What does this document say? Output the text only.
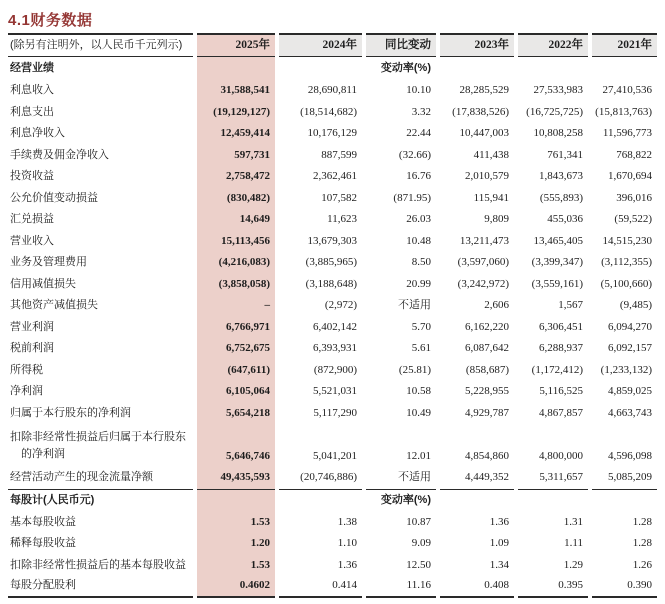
4.1财务数据
(除另有注明外，以人民币千元列示)	2025年	2024年	同比变动	2023年	2022年	2021年
经营业绩			变动率(%)			
利息收入	31,588,541	28,690,811	10.10	28,285,529	27,533,983	27,410,536
利息支出	(19,129,127)	(18,514,682)	3.32	(17,838,526)	(16,725,725)	(15,813,763)
利息净收入	12,459,414	10,176,129	22.44	10,447,003	10,808,258	11,596,773
手续费及佣金净收入	597,731	887,599	(32.66)	411,438	761,341	768,822
投资收益	2,758,472	2,362,461	16.76	2,010,579	1,843,673	1,670,694
公允价值变动损益	(830,482)	107,582	(871.95)	115,941	(555,893)	396,016
汇兑损益	14,649	11,623	26.03	9,809	455,036	(59,522)
营业收入	15,113,456	13,679,303	10.48	13,211,473	13,465,405	14,515,230
业务及管理费用	(4,216,083)	(3,885,965)	8.50	(3,597,060)	(3,399,347)	(3,112,355)
信用减值损失	(3,858,058)	(3,188,648)	20.99	(3,242,972)	(3,559,161)	(5,100,660)
其他资产减值损失	–	(2,972)	不适用	2,606	1,567	(9,485)
营业利润	6,766,971	6,402,142	5.70	6,162,220	6,306,451	6,094,270
税前利润	6,752,675	6,393,931	5.61	6,087,642	6,288,937	6,092,157
所得税	(647,611)	(872,900)	(25.81)	(858,687)	(1,172,412)	(1,233,132)
净利润	6,105,064	5,521,031	10.58	5,228,955	5,116,525	4,859,025
归属于本行股东的净利润	5,654,218	5,117,290	10.49	4,929,787	4,867,857	4,663,743
扣除非经常性损益后归属于本行股东
的净利润	5,646,746	5,041,201	12.01	4,854,860	4,800,000	4,596,098
经营活动产生的现金流量净额	49,435,593	(20,746,886)	不适用	4,449,352	5,311,657	5,085,209
每股计(人民币元)			变动率(%)			
基本每股收益	1.53	1.38	10.87	1.36	1.31	1.28
稀释每股收益	1.20	1.10	9.09	1.09	1.11	1.28
扣除非经常性损益后的基本每股收益	1.53	1.36	12.50	1.34	1.29	1.26
每股分配股利	0.4602	0.414	11.16	0.408	0.395	0.390
